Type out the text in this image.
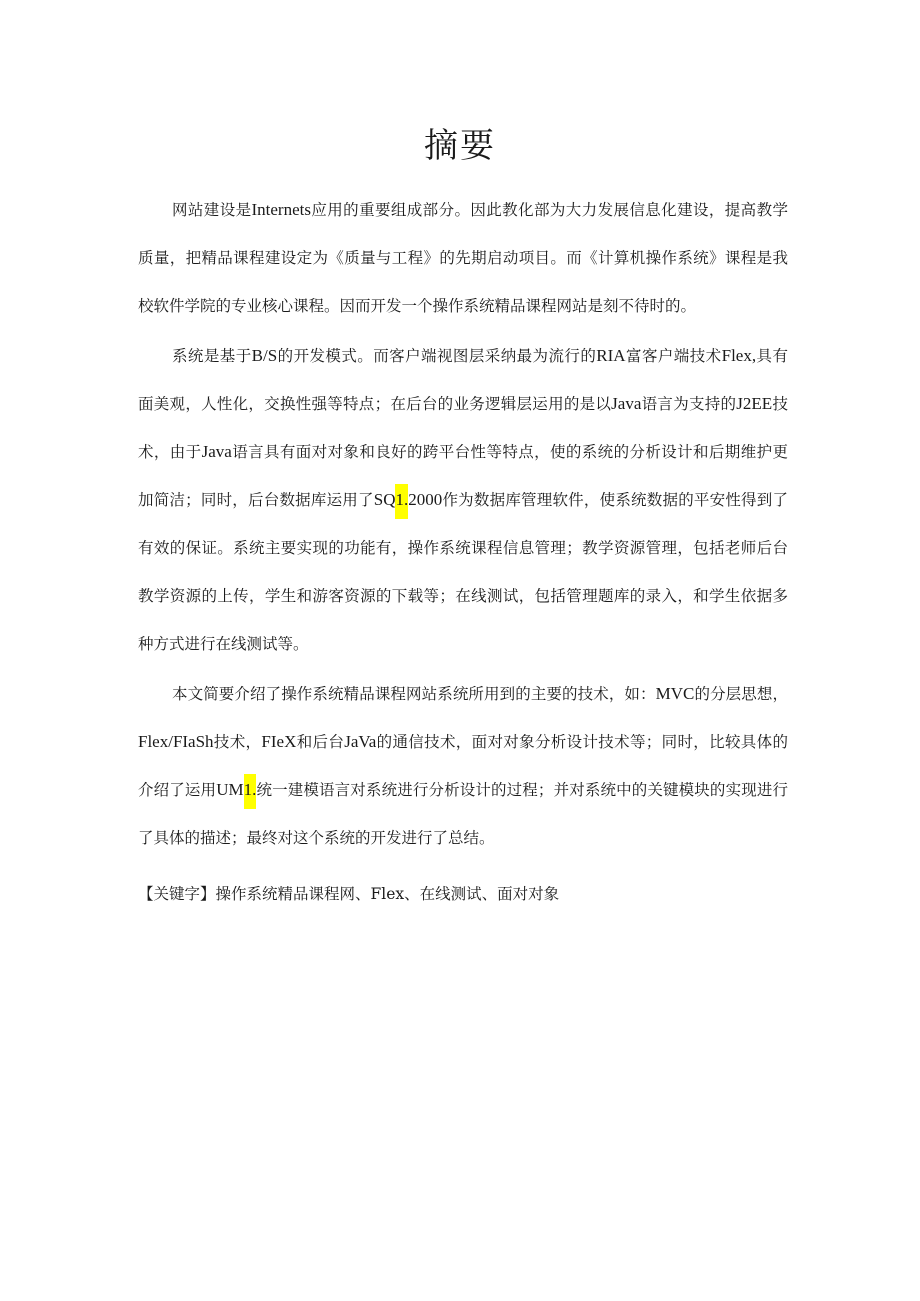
摘要

网站建设是Internets应用的重要组成部分。因此教化部为大力发展信息化建设，提高教学质量，把精品课程建设定为《质量与工程》的先期启动项目。而《计算机操作系统》课程是我校软件学院的专业核心课程。因而开发一个操作系统精品课程网站是刻不待时的。

系统是基于B/S的开发模式。而客户端视图层采纳最为流行的RIA富客户端技术Flex,具有面美观，人性化，交换性强等特点；在后台的业务逻辑层运用的是以Java语言为支持的J2EE技术，由于Java语言具有面对对象和良好的跨平台性等特点，使的系统的分析设计和后期维护更加简洁；同时，后台数据库运用了SQ1.2000作为数据库管理软件，使系统数据的平安性得到了有效的保证。系统主要实现的功能有，操作系统课程信息管理；教学资源管理，包括老师后台教学资源的上传，学生和游客资源的下载等；在线测试，包括管理题库的录入，和学生依据多种方式进行在线测试等。

本文简要介绍了操作系统精品课程网站系统所用到的主要的技术，如：MVC的分层思想，Flex/FIaSh技术，FIeX和后台JaVa的通信技术，面对对象分析设计技术等；同时，比较具体的介绍了运用UM1.统一建模语言对系统进行分析设计的过程；并对系统中的关键模块的实现进行了具体的描述；最终对这个系统的开发进行了总结。

【关键字】操作系统精品课程网、Flex、在线测试、面对对象
